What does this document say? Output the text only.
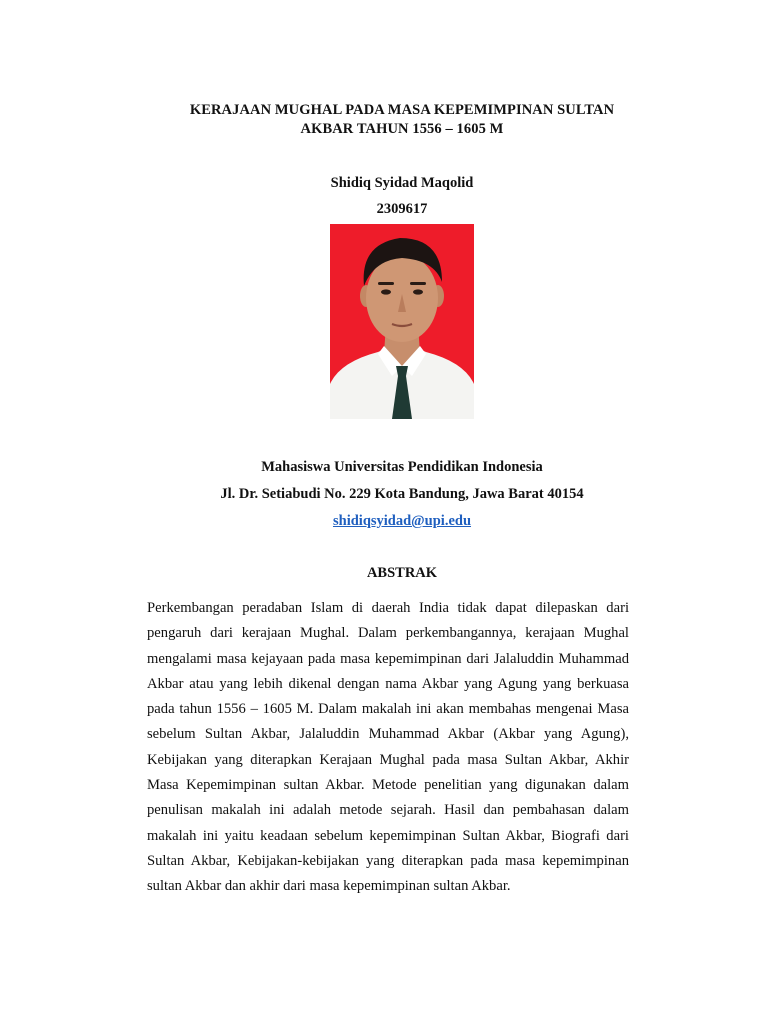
KERAJAAN MUGHAL PADA MASA KEPEMIMPINAN SULTAN
AKBAR TAHUN 1556 – 1605 M
Shidiq Syidad Maqolid
2309617
Mahasiswa Universitas Pendidikan Indonesia
Jl. Dr. Setiabudi No. 229 Kota Bandung, Jawa Barat 40154
shidiqsyidad@upi.edu
ABSTRAK

Perkembangan peradaban Islam di daerah India tidak dapat dilepaskan dari pengaruh dari kerajaan Mughal. Dalam perkembangannya, kerajaan Mughal mengalami masa kejayaan pada masa kepemimpinan dari Jalaluddin Muhammad Akbar atau yang lebih dikenal dengan nama Akbar yang Agung yang berkuasa pada tahun 1556 – 1605 M. Dalam makalah ini akan membahas mengenai Masa sebelum Sultan Akbar, Jalaluddin Muhammad Akbar (Akbar yang Agung), Kebijakan yang diterapkan Kerajaan Mughal pada masa Sultan Akbar, Akhir Masa Kepemimpinan sultan Akbar. Metode penelitian yang digunakan dalam penulisan makalah ini adalah metode sejarah. Hasil dan pembahasan dalam makalah ini yaitu keadaan sebelum kepemimpinan Sultan Akbar, Biografi dari Sultan Akbar, Kebijakan-kebijakan yang diterapkan pada masa kepemimpinan sultan Akbar dan akhir dari masa kepemimpinan sultan Akbar.
